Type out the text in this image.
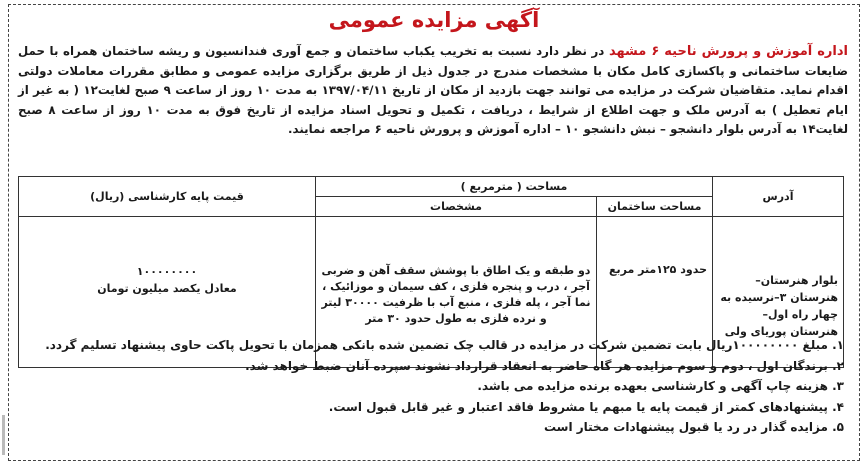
آگهی مزایده عمومی
اداره آموزش و پرورش ناحیه ۶ مشهد در نظر دارد نسبت به تخریب یکباب ساختمان و جمع آوری فندانسیون و ریشه ساختمان همراه با حمل ضایعات ساختمانی و پاکسازی کامل مکان با مشخصات مندرج در جدول ذیل از طریق برگزاری مزایده عمومی و مطابق مقررات معاملات دولتی اقدام نماید. متقاضیان شرکت در مزایده می توانند جهت بازدید از مکان از تاریخ ۱۳۹۷/۰۴/۱۱ به مدت ۱۰ روز از ساعت ۹ صبح لغایت۱۲ ( به غیر از ایام تعطیل ) به آدرس ملک و جهت اطلاع از شرایط ، دریافت ، تکمیل و تحویل اسناد مزایده از تاریخ فوق به مدت ۱۰ روز از ساعت ۸ صبح لغایت۱۴ به آدرس بلوار دانشجو – نبش دانشجو ۱۰ – اداره آموزش و پرورش ناحیه ۶ مراجعه نمایند.
آدرس	مساحت ( مترمربع )		قیمت پایه کارشناسی (ریال)
	مساحت ساختمان	مشخصات	
بلوار هنرستان– هنرستان ۳–نرسیده به چهار راه اول– هنرستان پوریای ولی	حدود ۱۲۵متر مربع	دو طبقه و یک اطاق با پوشش سقف آهن و ضربی آجر ، درب و پنجره فلزی ، کف سیمان و موزائیک ، نما آجر ، پله فلزی ، منبع آب با ظرفیت ۳۰۰۰۰ لیتر و نرده فلزی به طول حدود ۳۰ متر	۱۰۰۰۰۰۰۰۰
معادل یکصد میلیون تومان
۱. مبلغ ۱۰۰۰۰۰۰۰۰ریال بابت تضمین شرکت در مزایده در قالب چک تضمین شده بانکی همزمان با تحویل پاکت حاوی پیشنهاد تسلیم گردد.
۲. برندگان اول ، دوم و سوم مزایده هر گاه حاضر به انعقاد قرارداد نشوند سپرده آنان ضبط خواهد شد.
۳. هزینه چاپ آگهی و کارشناسی بعهده برنده مزایده می باشد.
۴. پیشنهادهای کمتر از قیمت پایه یا مبهم یا مشروط فاقد اعتبار و غیر قابل قبول است.
۵. مزایده گذار در رد یا قبول پیشنهادات مختار است
